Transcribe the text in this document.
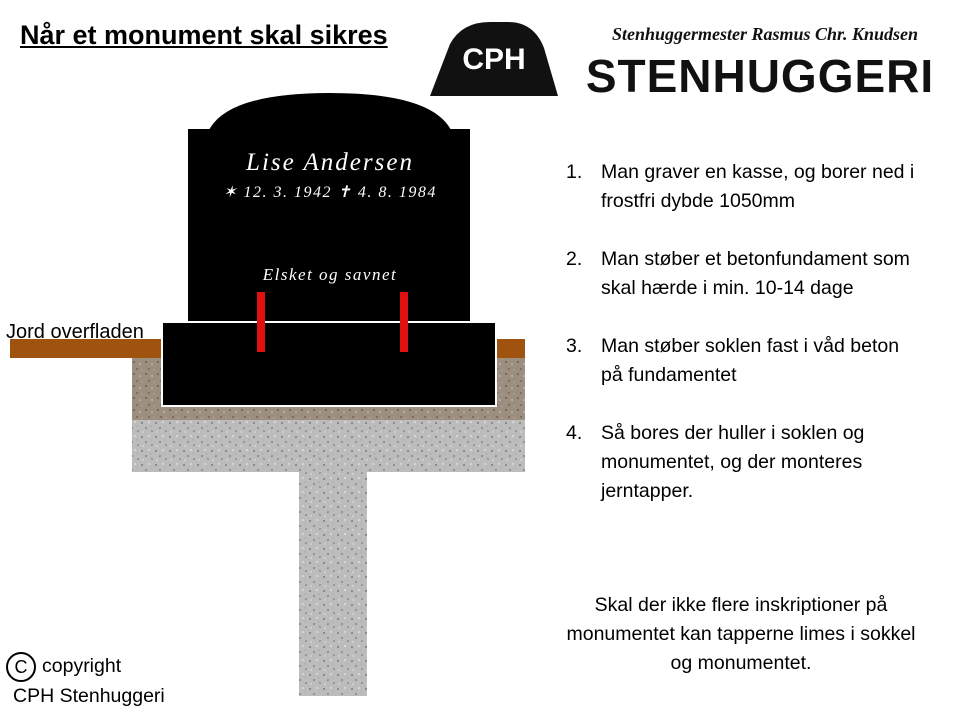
Når et monument skal sikres
CPH
Stenhuggermester Rasmus Chr. Knudsen
STENHUGGERI
Lise Andersen
✶ 12. 3. 1942 ✝ 4. 8. 1984
Elsket og savnet
Jord overfladen
1. Man graver en kasse, og borer ned i frostfri dybde 1050mm
2. Man støber et betonfundament som skal hærde i min. 10-14 dage
3. Man støber soklen fast i våd beton på fundamentet
4. Så bores der huller i soklen og monumentet, og der monteres jerntapper.

Skal der ikke flere inskriptioner på monumentet kan tapperne limes i sokkel og monumentet.

C copyright
CPH Stenhuggeri
